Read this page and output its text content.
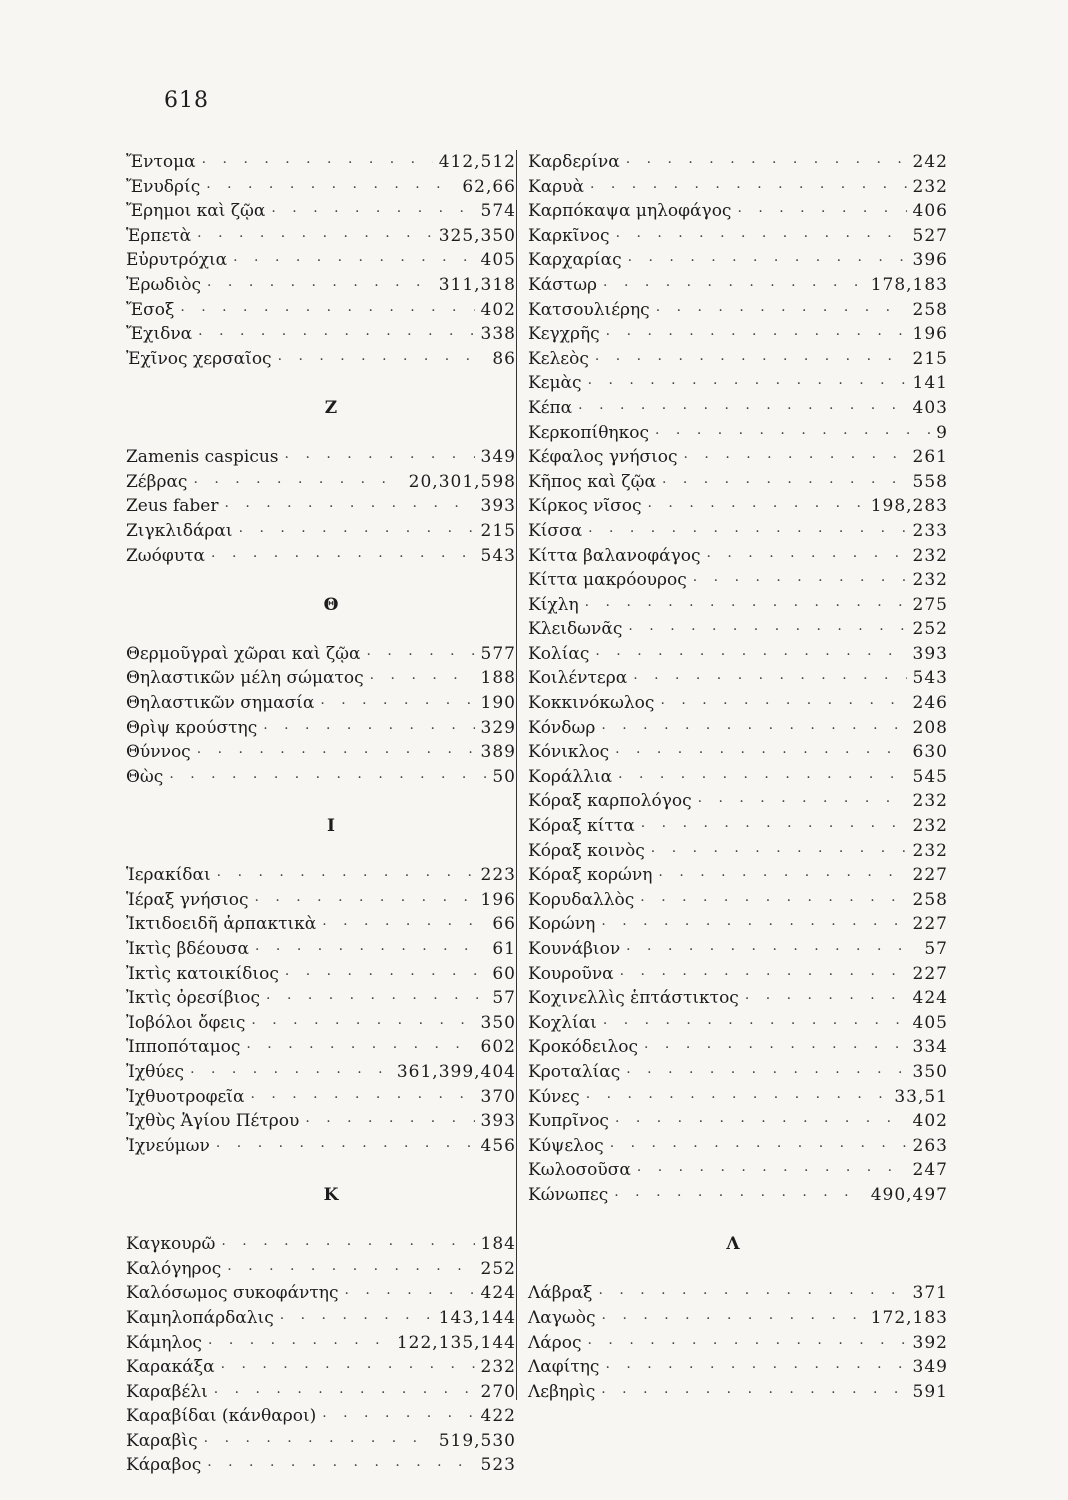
618
Ἔντομα · · ·	412,512
Ἔνυδρίς · · ·	62,66
Ἔρημοι καὶ ζῷα · · ·	574
Ἑρπετὰ · · ·	325,350
Εὐρυτρόχια · · ·	405
Ἐρωδιὸς · · ·	311,318
Ἔσοξ · · ·	402
Ἔχιδνα · · ·	338
Ἐχῖνος χερσαῖος · · ·	86
Ζ
Zamenis caspicus · · ·	349
Ζέβρας · · ·	20,301,598
Zeus faber · · ·	393
Ζιγκλιδάραι · · ·	215
Ζωόφυτα · · ·	543
Θ
Θερμοῦγραὶ χῶραι καὶ ζῷα · · ·	577
Θηλαστικῶν μέλη σώματος · · ·	188
Θηλαστικῶν σημασία · · ·	190
Θρὶψ κρούστης · · ·	329
Θύννος · · ·	389
Θὼς · · ·	50
Ι
Ἱερακίδαι · · ·	223
Ἱέραξ γνήσιος · · ·	196
Ἰκτιδοειδῆ ἁρπακτικὰ · · ·	66
Ἰκτὶς βδέουσα · · ·	61
Ἰκτὶς κατοικίδιος · · ·	60
Ἰκτὶς ὀρεσίβιος · · ·	57
Ἰοβόλοι ὄφεις · · ·	350
Ἱπποπόταμος · · ·	602
Ἰχθύες · · ·	361,399,404
Ἰχθυοτροφεῖα · · ·	370
Ἰχθὺς Ἁγίου Πέτρου · · ·	393
Ἰχνεύμων · · ·	456
Κ
Καγκουρῶ · · ·	184
Καλόγηρος · · ·	252
Καλόσωμος συκοφάντης · · ·	424
Καμηλοπάρδαλις · · ·	143,144
Κάμηλος · · ·	122,135,144
Καρακάξα · · ·	232
Καραβέλι · · ·	270
Καραβίδαι (κάνθαροι) · · ·	422
Καραβὶς · · ·	519,530
Κάραβος · · ·	523
Καρδερίνα · · ·	242
Καρυὰ · · ·	232
Καρπόκαψα μηλοφάγος · · ·	406
Καρκῖνος · · ·	527
Καρχαρίας · · ·	396
Κάστωρ · · ·	178,183
Κατσουλιέρης · · ·	258
Κεγχρῆς · · ·	196
Κελεὸς · · ·	215
Κεμὰς · · ·	141
Κέπα · · ·	403
Κερκοπίθηκος · · ·	9
Κέφαλος γνήσιος · · ·	261
Κῆπος καὶ ζῷα · · ·	558
Κίρκος νῖσος · · ·	198,283
Κίσσα · · ·	233
Κίττα βαλανοφάγος · · ·	232
Κίττα μακρόουρος · · ·	232
Κίχλη · · ·	275
Κλειδωνᾶς · · ·	252
Κολίας · · ·	393
Κοιλέντερα · · ·	543
Κοκκινόκωλος · · ·	246
Κόνδωρ · · ·	208
Κόνικλος · · ·	630
Κοράλλια · · ·	545
Κόραξ καρπολόγος · · ·	232
Κόραξ κίττα · · ·	232
Κόραξ κοινὸς · · ·	232
Κόραξ κορώνη · · ·	227
Κορυδαλλὸς · · ·	258
Κορώνη · · ·	227
Κουνάβιον · · ·	57
Κουροῦνα · · ·	227
Κοχινελλὶς ἑπτάστικτος · · ·	424
Κοχλίαι · · ·	405
Κροκόδειλος · · ·	334
Κροταλίας · · ·	350
Κύνες · · ·	33,51
Κυπρῖνος · · ·	402
Κύψελος · · ·	263
Κωλοσοῦσα · · ·	247
Κώνωπες · · ·	490,497
Λ
Λάβραξ · · ·	371
Λαγωὸς · · ·	172,183
Λάρος · · ·	392
Λαφίτης · · ·	349
Λεβηρὶς · · ·	591
